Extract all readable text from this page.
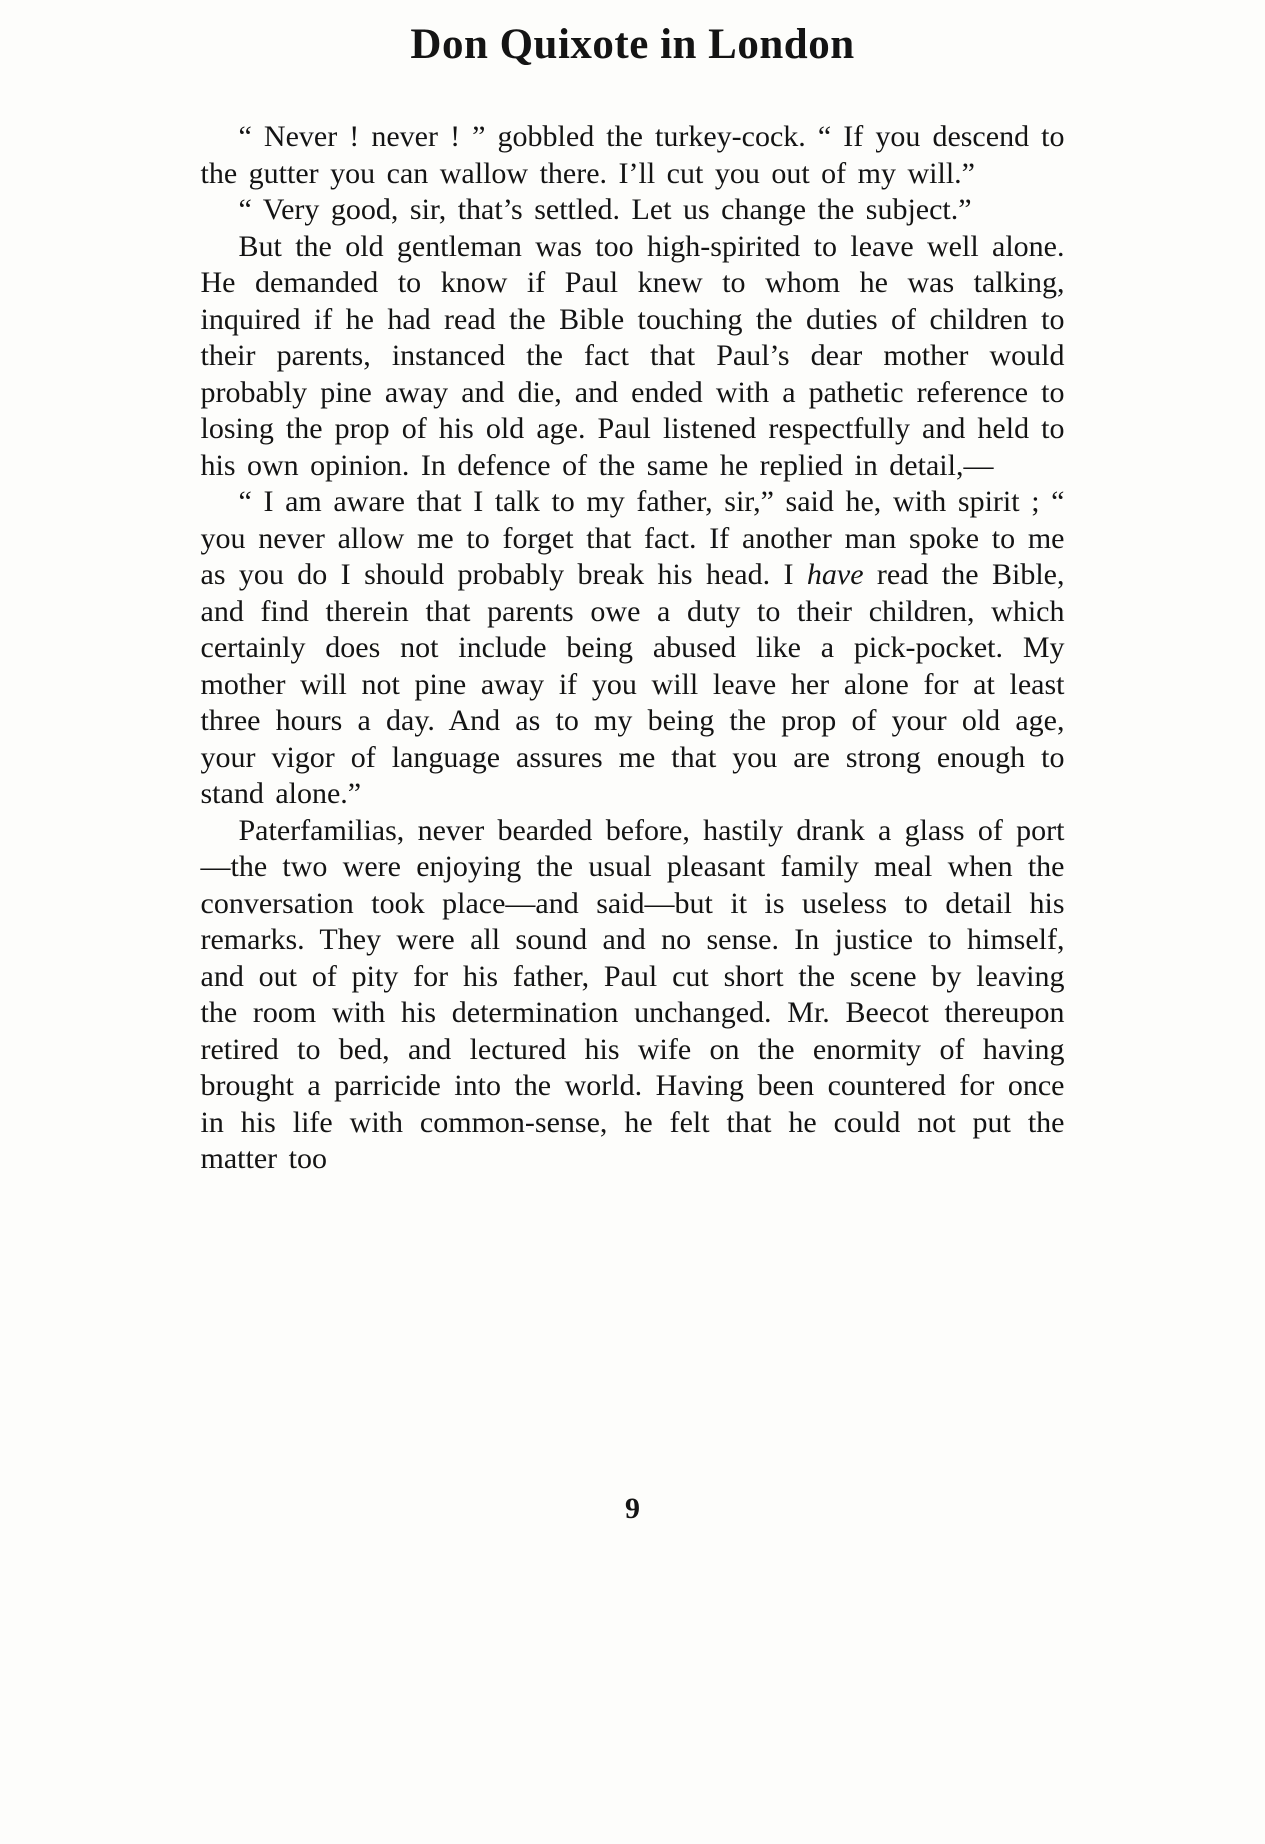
Don Quixote in London

“ Never ! never ! ” gobbled the turkey-cock. “ If you descend to the gutter you can wallow there. I’ll cut you out of my will.”

“ Very good, sir, that’s settled. Let us change the subject.”

But the old gentleman was too high-spirited to leave well alone. He demanded to know if Paul knew to whom he was talking, inquired if he had read the Bible touching the duties of children to their parents, instanced the fact that Paul’s dear mother would probably pine away and die, and ended with a pathetic reference to losing the prop of his old age. Paul listened respectfully and held to his own opinion. In defence of the same he replied in detail,—

“ I am aware that I talk to my father, sir,” said he, with spirit ; “ you never allow me to forget that fact. If another man spoke to me as you do I should probably break his head. I have read the Bible, and find therein that parents owe a duty to their children, which certainly does not include being abused like a pick-pocket. My mother will not pine away if you will leave her alone for at least three hours a day. And as to my being the prop of your old age, your vigor of language assures me that you are strong enough to stand alone.”

Paterfamilias, never bearded before, hastily drank a glass of port—the two were enjoying the usual pleasant family meal when the conversation took place—and said—but it is useless to detail his remarks. They were all sound and no sense. In justice to himself, and out of pity for his father, Paul cut short the scene by leaving the room with his determination unchanged. Mr. Beecot thereupon retired to bed, and lectured his wife on the enormity of having brought a parricide into the world. Having been countered for once in his life with common-sense, he felt that he could not put the matter too

9
